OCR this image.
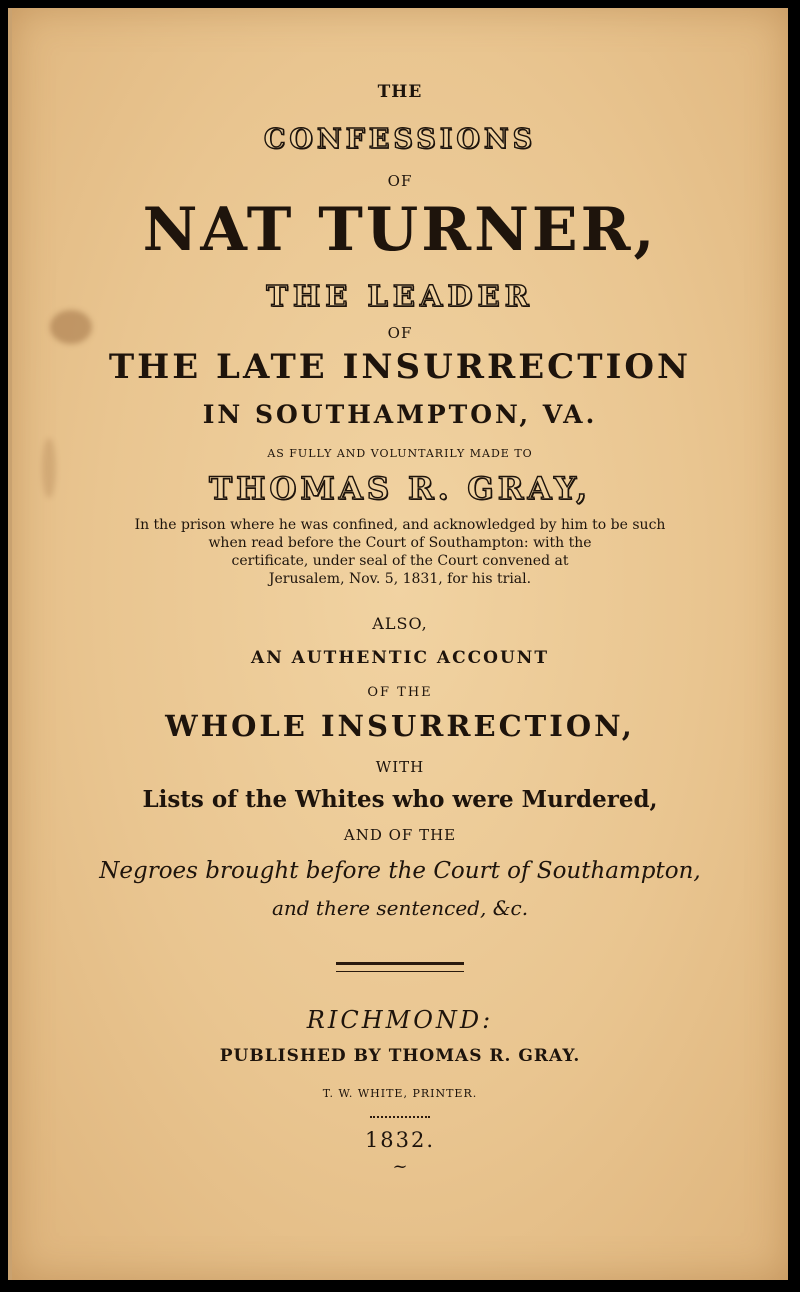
THE
CONFESSIONS
OF
NAT TURNER,
THE LEADER
OF
THE LATE INSURRECTION
IN SOUTHAMPTON, VA.
AS FULLY AND VOLUNTARILY MADE TO
THOMAS R. GRAY,
In the prison where he was confined, and acknowledged by him to be such
when read before the Court of Southampton: with the
certificate, under seal of the Court convened at
Jerusalem, Nov. 5, 1831, for his trial.
ALSO,
AN AUTHENTIC ACCOUNT
OF THE
WHOLE INSURRECTION,
WITH
Lists of the Whites who were Murdered,
AND OF THE
Negroes brought before the Court of Southampton,
and there sentenced, &c.
RICHMOND:
PUBLISHED BY THOMAS R. GRAY.
T. W. WHITE, PRINTER.
1832.
~
